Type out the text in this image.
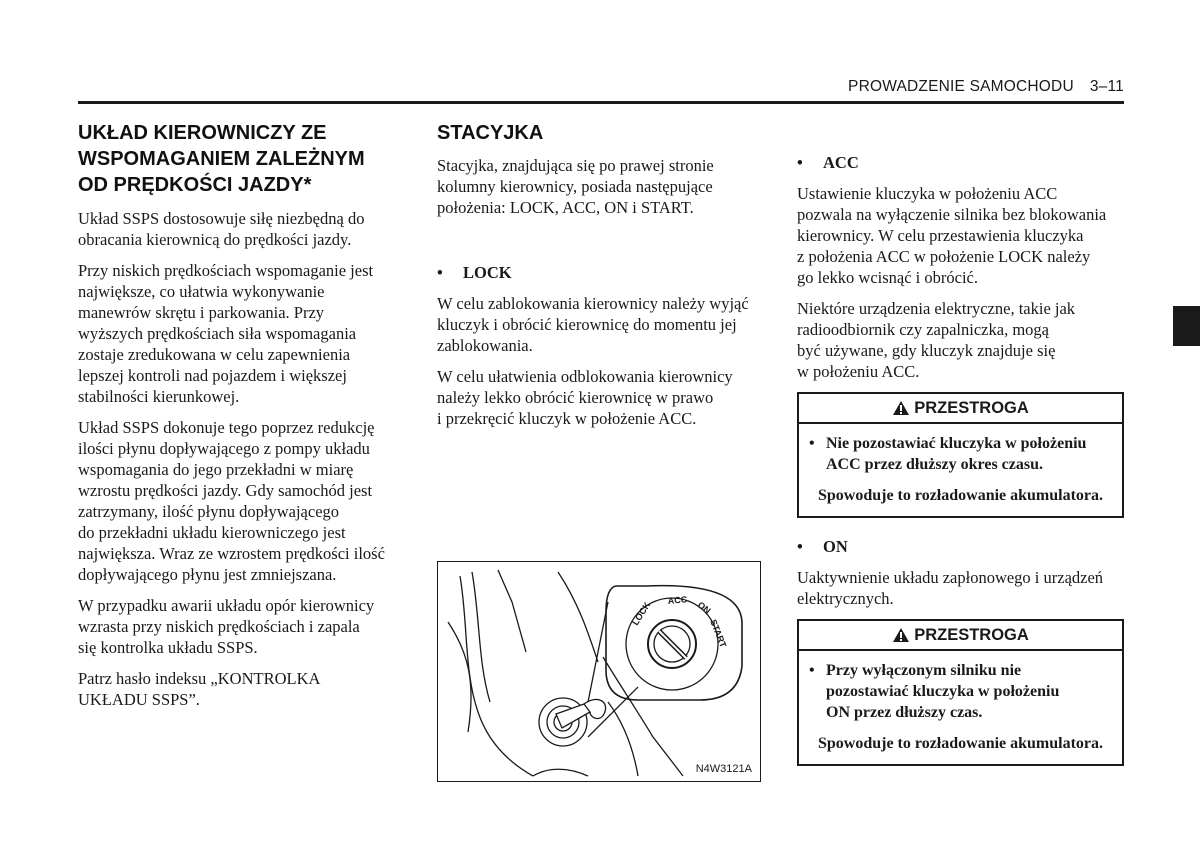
PROWADZENIE SAMOCHODU 3–11
UKŁAD KIEROWNICZY ZE
WSPOMAGANIEM ZALEŻNYM
OD PRĘDKOŚCI JAZDY*

Układ SSPS dostosowuje siłę niezbędną do
obracania kierownicą do prędkości jazdy.

Przy niskich prędkościach wspomaganie jest
największe, co ułatwia wykonywanie
manewrów skrętu i parkowania. Przy
wyższych prędkościach siła wspomagania
zostaje zredukowana w celu zapewnienia
lepszej kontroli nad pojazdem i większej
stabilności kierunkowej.

Układ SSPS dokonuje tego poprzez redukcję
ilości płynu dopływającego z pompy układu
wspomagania do jego przekładni w miarę
wzrostu prędkości jazdy. Gdy samochód jest
zatrzymany, ilość płynu dopływającego
do przekładni układu kierowniczego jest
największa. Wraz ze wzrostem prędkości ilość
dopływającego płynu jest zmniejszana.

W przypadku awarii układu opór kierownicy
wzrasta przy niskich prędkościach i zapala
się kontrolka układu SSPS.

Patrz hasło indeksu „KONTROLKA
UKŁADU SSPS”.

STACYJKA

Stacyjka, znajdująca się po prawej stronie
kolumny kierownicy, posiada następujące
położenia: LOCK, ACC, ON i START.

• LOCK

W celu zablokowania kierownicy należy wyjąć
kluczyk i obrócić kierownicę do momentu jej
zablokowania.

W celu ułatwienia odblokowania kierownicy
należy lekko obrócić kierownicę w prawo
i przekręcić kluczyk w położenie ACC.

LOCK ACC ON
START
N4W3121A
• ACC

Ustawienie kluczyka w położeniu ACC
pozwala na wyłączenie silnika bez blokowania
kierownicy. W celu przestawienia kluczyka
z położenia ACC w położenie LOCK należy
go lekko wcisnąć i obrócić.

Niektóre urządzenia elektryczne, takie jak
radioodbiornik czy zapalniczka, mogą
być używane, gdy kluczyk znajduje się
w położeniu ACC.

PRZESTROGA
• Nie pozostawiać kluczyka w położeniu
ACC przez dłuższy okres czasu.
Spowoduje to rozładowanie akumulatora.
• ON

Uaktywnienie układu zapłonowego i urządzeń
elektrycznych.

PRZESTROGA
• Przy wyłączonym silniku nie
pozostawiać kluczyka w położeniu
ON przez dłuższy czas.
Spowoduje to rozładowanie akumulatora.
